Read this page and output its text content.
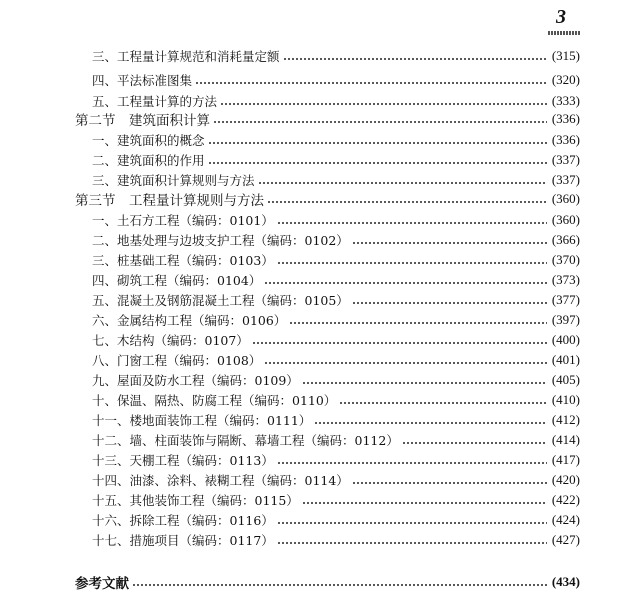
3
三、工程量计算规范和消耗量定额	(315)
四、平法标准图集	(320)
五、工程量计算的方法	(333)
第二节　建筑面积计算	(336)
一、建筑面积的概念	(336)
二、建筑面积的作用	(337)
三、建筑面积计算规则与方法	(337)
第三节　工程量计算规则与方法	(360)
一、土石方工程（编码：0101）	(360)
二、地基处理与边坡支护工程（编码：0102）	(366)
三、桩基础工程（编码：0103）	(370)
四、砌筑工程（编码：0104）	(373)
五、混凝土及钢筋混凝土工程（编码：0105）	(377)
六、金属结构工程（编码：0106）	(397)
七、木结构（编码：0107）	(400)
八、门窗工程（编码：0108）	(401)
九、屋面及防水工程（编码：0109）	(405)
十、保温、隔热、防腐工程（编码：0110）	(410)
十一、楼地面装饰工程（编码：0111）	(412)
十二、墙、柱面装饰与隔断、幕墙工程（编码：0112）	(414)
十三、天棚工程（编码：0113）	(417)
十四、油漆、涂料、裱糊工程（编码：0114）	(420)
十五、其他装饰工程（编码：0115）	(422)
十六、拆除工程（编码：0116）	(424)
十七、措施项目（编码：0117）	(427)
参考文献	(434)
